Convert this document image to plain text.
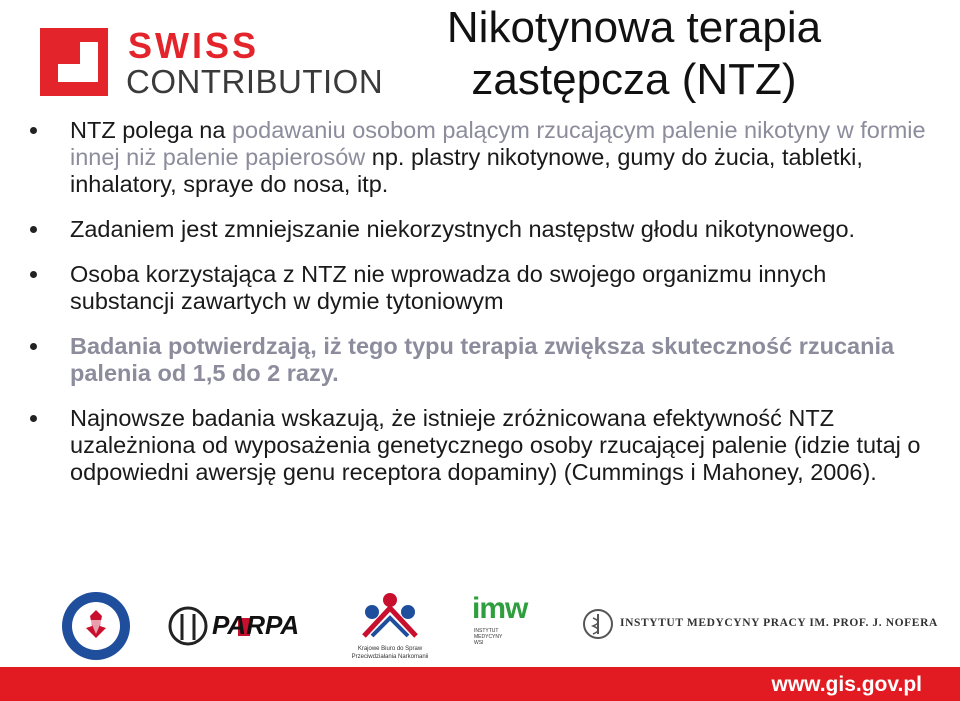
SWISS
CONTRIBUTION
Nikotynowa terapia
zastępcza (NTZ)
NTZ polega na podawaniu osobom palącym rzucającym palenie nikotyny w formie innej niż palenie papierosów np. plastry nikotynowe, gumy do żucia, tabletki, inhalatory, spraye do nosa, itp.
Zadaniem jest zmniejszanie niekorzystnych następstw głodu nikotynowego.
Osoba korzystająca z NTZ nie wprowadza do swojego organizmu innych substancji zawartych w dymie tytoniowym
Badania potwierdzają, iż tego typu terapia zwiększa skuteczność rzucania palenia od 1,5 do 2 razy.
Najnowsze badania wskazują, że istnieje zróżnicowana efektywność NTZ uzależniona od wyposażenia genetycznego osoby rzucającej palenie (idzie tutaj o odpowiedni awersję genu receptora dopaminy) (Cummings i Mahoney, 2006).
PARPA
Krajowe Biuro do Spraw
Przeciwdziałania Narkomanii
imw
INSTYTUT
MEDYCYNY
WSI
INSTYTUT MEDYCYNY PRACY IM. PROF. J. NOFERA
www.gis.gov.pl
